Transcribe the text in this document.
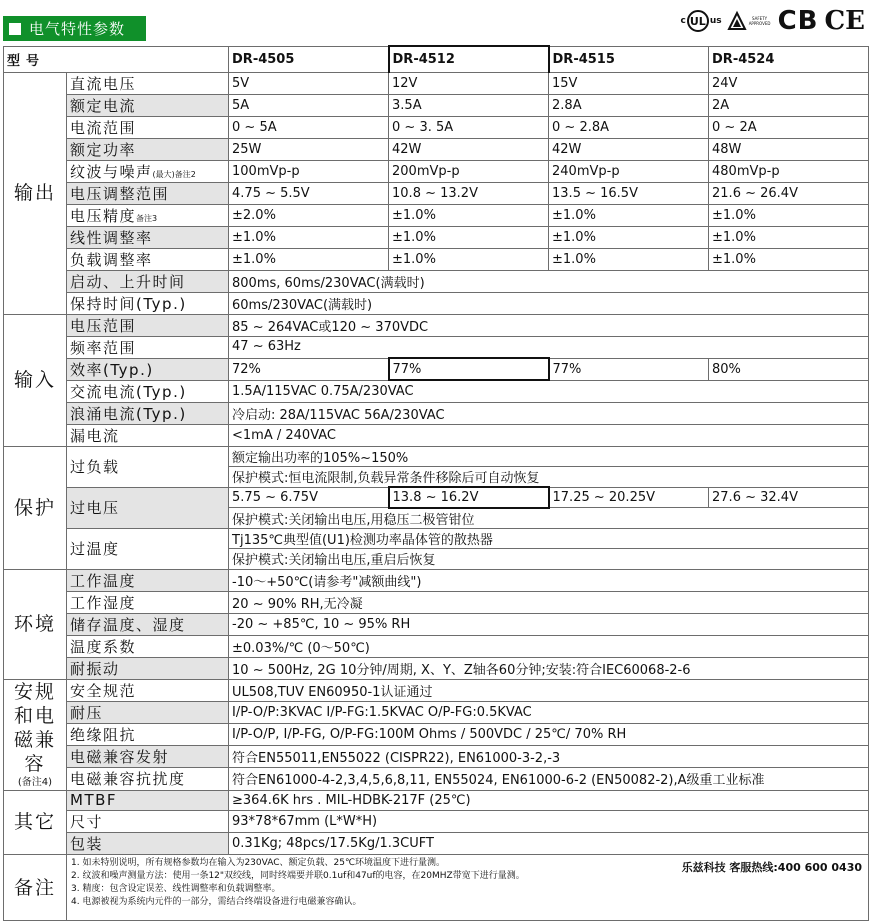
电气特性参数	c UL us	SAFETY APPROVED CB CE
型号		DR-4505	DR-4512	DR-4515	DR-4524
输出	直流电压	5V	12V	15V	24V
	额定电流	5A	3.5A	2.8A	2A
	电流范围	0 ~ 5A	0 ~ 3. 5A	0 ~ 2.8A	0 ~ 2A
	额定功率	25W	42W	42W	48W
	纹波与噪声(最大)备注2	100mVp-p	200mVp-p	240mVp-p	480mVp-p
	电压调整范围	4.75 ~ 5.5V	10.8 ~ 13.2V	13.5 ~ 16.5V	21.6 ~ 26.4V
	电压精度备注3	±2.0%	±1.0%	±1.0%	±1.0%
	线性调整率	±1.0%	±1.0%	±1.0%	±1.0%
	负载调整率	±1.0%	±1.0%	±1.0%	±1.0%
	启动、上升时间	800ms, 60ms/230VAC(满载时)			
	保持时间(Typ.)	60ms/230VAC(满载时)			
输入	电压范围	85 ~ 264VAC或120 ~ 370VDC			
	频率范围	47 ~ 63Hz			
	效率(Typ.)	72%	77%	77%	80%
	交流电流(Typ.)	1.5A/115VAC 0.75A/230VAC			
	浪涌电流(Typ.)	冷启动: 28A/115VAC 56A/230VAC			
	漏电流	<1mA / 240VAC			
保护	过负载	额定输出功率的105%~150%			
		保护模式:恒电流限制,负载异常条件移除后可自动恢复			
	过电压	5.75 ~ 6.75V	13.8 ~ 16.2V	17.25 ~ 20.25V	27.6 ~ 32.4V
		保护模式:关闭输出电压,用稳压二极管钳位			
	过温度	Tj135℃典型值(U1)检测功率晶体管的散热器			
		保护模式:关闭输出电压,重启后恢复			
环境	工作温度	-10～+50℃(请参考"减额曲线")			
	工作湿度	20 ~ 90% RH,无冷凝			
	储存温度、湿度	-20 ~ +85℃, 10 ~ 95% RH			
	温度系数	±0.03%/℃ (0～50℃)			
	耐振动	10 ~ 500Hz, 2G 10分钟/周期, X、Y、Z轴各60分钟;安装:符合IEC60068-2-6			
安规和电磁兼容
(备注4)	安全规范	UL508,TUV EN60950-1认证通过			
	耐压	I/P-O/P:3KVAC I/P-FG:1.5KVAC O/P-FG:0.5KVAC			
	绝缘阻抗	I/P-O/P, I/P-FG, O/P-FG:100M Ohms / 500VDC / 25℃/ 70% RH			
	电磁兼容发射	符合EN55011,EN55022 (CISPR22), EN61000-3-2,-3			
	电磁兼容抗扰度	符合EN61000-4-2,3,4,5,6,8,11, EN55024, EN61000-6-2 (EN50082-2),A级重工业标准			
其它	MTBF	≥364.6K hrs . MIL-HDBK-217F (25℃)			
	尺寸	93*78*67mm (L*W*H)			
	包装	0.31Kg; 48pcs/17.5Kg/1.3CUFT			
备注	1. 如未特别说明，所有规格参数均在输入为230VAC、额定负载、25℃环境温度下进行量测。
2. 纹波和噪声测量方法：使用一条12"双绞线，同时终端要并联0.1uf和47uf的电容，在20MHZ带宽下进行量测。
3. 精度：包含设定误差、线性调整率和负载调整率。
4. 电源被视为系统内元件的一部分，需结合终端设备进行电磁兼容确认。
乐兹科技 客服热线:400 600 0430				
